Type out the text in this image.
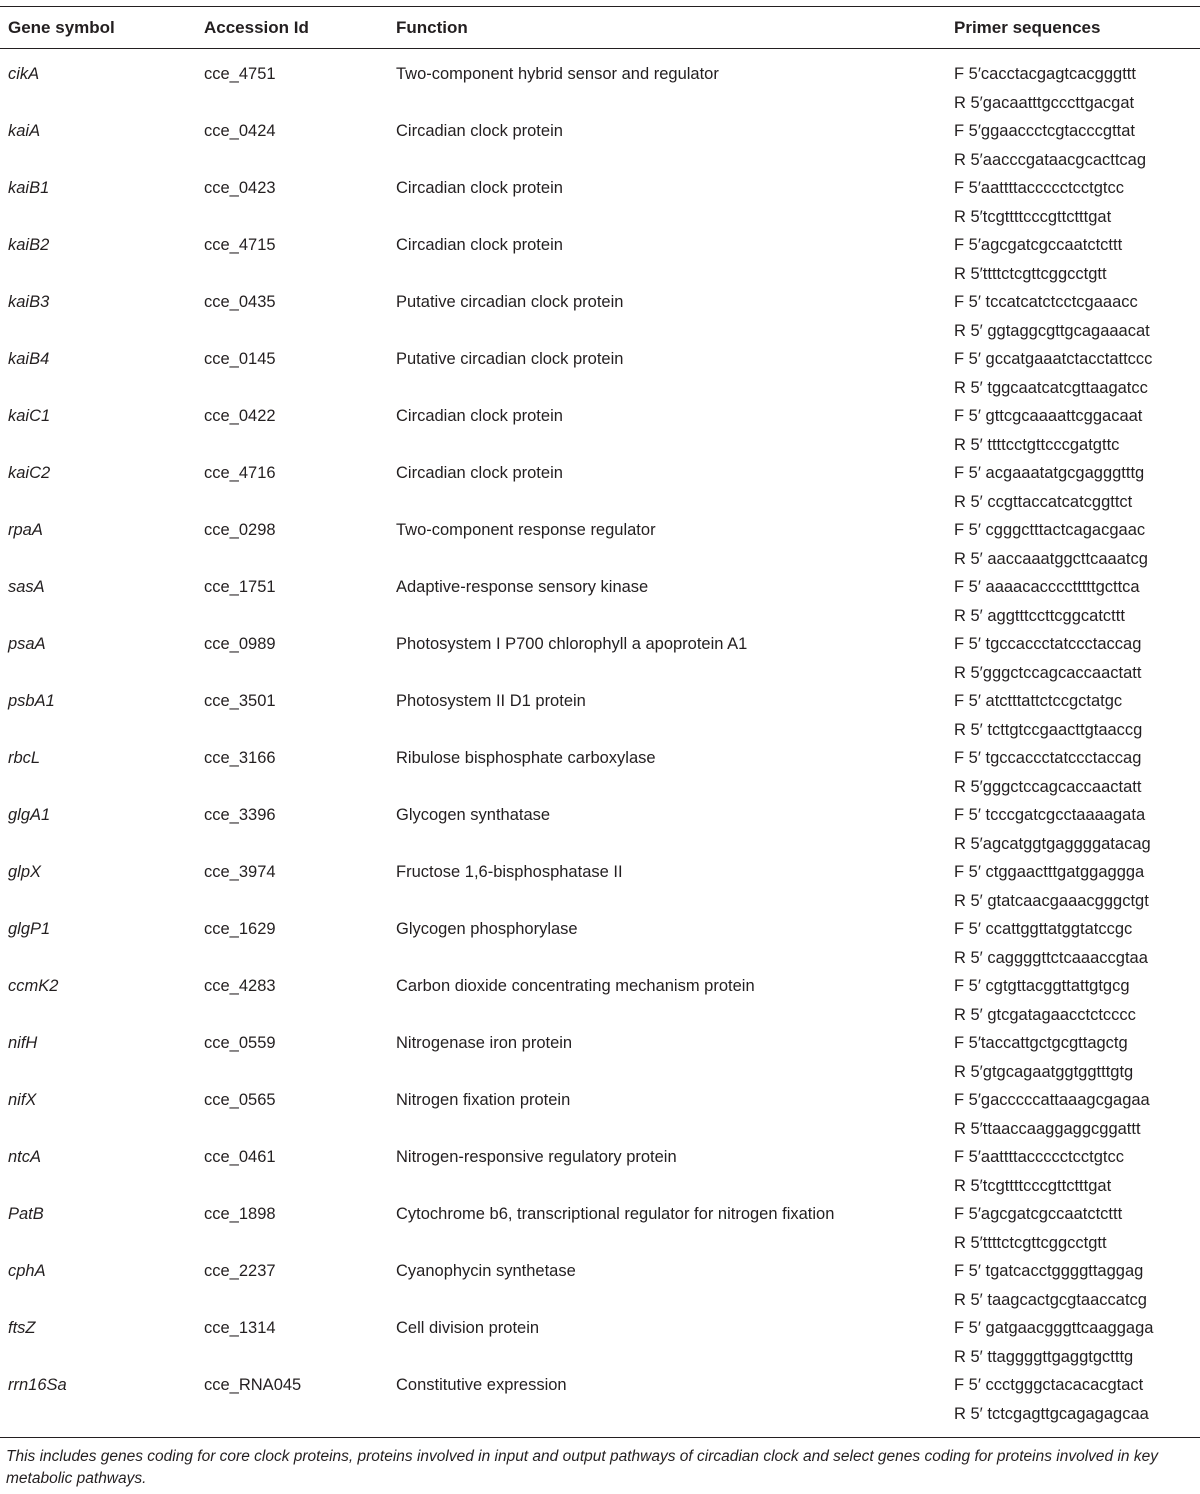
Gene symbol	Accession Id	Function	Primer sequences
cikA	cce_4751	Two-component hybrid sensor and regulator	F 5′cacctacgagtcacgggttt
R 5′gacaatttgcccttgacgat
kaiA	cce_0424	Circadian clock protein	F 5′ggaaccctcgtacccgttat
R 5′aacccgataacgcacttcag
kaiB1	cce_0423	Circadian clock protein	F 5′aattttaccccctcctgtcc
R 5′tcgttttcccgttctttgat
kaiB2	cce_4715	Circadian clock protein	F 5′agcgatcgccaatctcttt
R 5′ttttctcgttcggcctgtt
kaiB3	cce_0435	Putative circadian clock protein	F 5′ tccatcatctcctcgaaacc
R 5′ ggtaggcgttgcagaaacat
kaiB4	cce_0145	Putative circadian clock protein	F 5′ gccatgaaatctacctattccc
R 5′ tggcaatcatcgttaagatcc
kaiC1	cce_0422	Circadian clock protein	F 5′ gttcgcaaaattcggacaat
R 5′ ttttcctgttcccgatgttc
kaiC2	cce_4716	Circadian clock protein	F 5′ acgaaatatgcgagggtttg
R 5′ ccgttaccatcatcggttct
rpaA	cce_0298	Two-component response regulator	F 5′ cgggctttactcagacgaac
R 5′ aaccaaatggcttcaaatcg
sasA	cce_1751	Adaptive-response sensory kinase	F 5′ aaaacacccctttttgcttca
R 5′ aggtttccttcggcatcttt
psaA	cce_0989	Photosystem I P700 chlorophyll a apoprotein A1	F 5′ tgccaccctatccctaccag
R 5′gggctccagcaccaactatt
psbA1	cce_3501	Photosystem II D1 protein	F 5′ atctttattctccgctatgc
R 5′ tcttgtccgaacttgtaaccg
rbcL	cce_3166	Ribulose bisphosphate carboxylase	F 5′ tgccaccctatccctaccag
R 5′gggctccagcaccaactatt
glgA1	cce_3396	Glycogen synthatase	F 5′ tcccgatcgcctaaaagata
R 5′agcatggtgaggggatacag
glpX	cce_3974	Fructose 1,6-bisphosphatase II	F 5′ ctggaactttgatggaggga
R 5′ gtatcaacgaaacgggctgt
glgP1	cce_1629	Glycogen phosphorylase	F 5′ ccattggttatggtatccgc
R 5′ caggggttctcaaaccgtaa
ccmK2	cce_4283	Carbon dioxide concentrating mechanism protein	F 5′ cgtgttacggttattgtgcg
R 5′ gtcgatagaacctctcccc
nifH	cce_0559	Nitrogenase iron protein	F 5′taccattgctgcgttagctg
R 5′gtgcagaatggtggtttgtg
nifX	cce_0565	Nitrogen fixation protein	F 5′gacccccattaaagcgagaa
R 5′ttaaccaaggaggcggattt
ntcA	cce_0461	Nitrogen-responsive regulatory protein	F 5′aattttaccccctcctgtcc
R 5′tcgttttcccgttctttgat
PatB	cce_1898	Cytochrome b6, transcriptional regulator for nitrogen fixation	F 5′agcgatcgccaatctcttt
R 5′ttttctcgttcggcctgtt
cphA	cce_2237	Cyanophycin synthetase	F 5′ tgatcacctggggttaggag
R 5′ taagcactgcgtaaccatcg
ftsZ	cce_1314	Cell division protein	F 5′ gatgaacgggttcaaggaga
R 5′ ttaggggttgaggtgctttg
rrn16Sa	cce_RNA045	Constitutive expression	F 5′ ccctgggctacacacgtact
R 5′ tctcgagttgcagagagcaa
This includes genes coding for core clock proteins, proteins involved in input and output pathways of circadian clock and select genes coding for proteins involved in key metabolic pathways.
